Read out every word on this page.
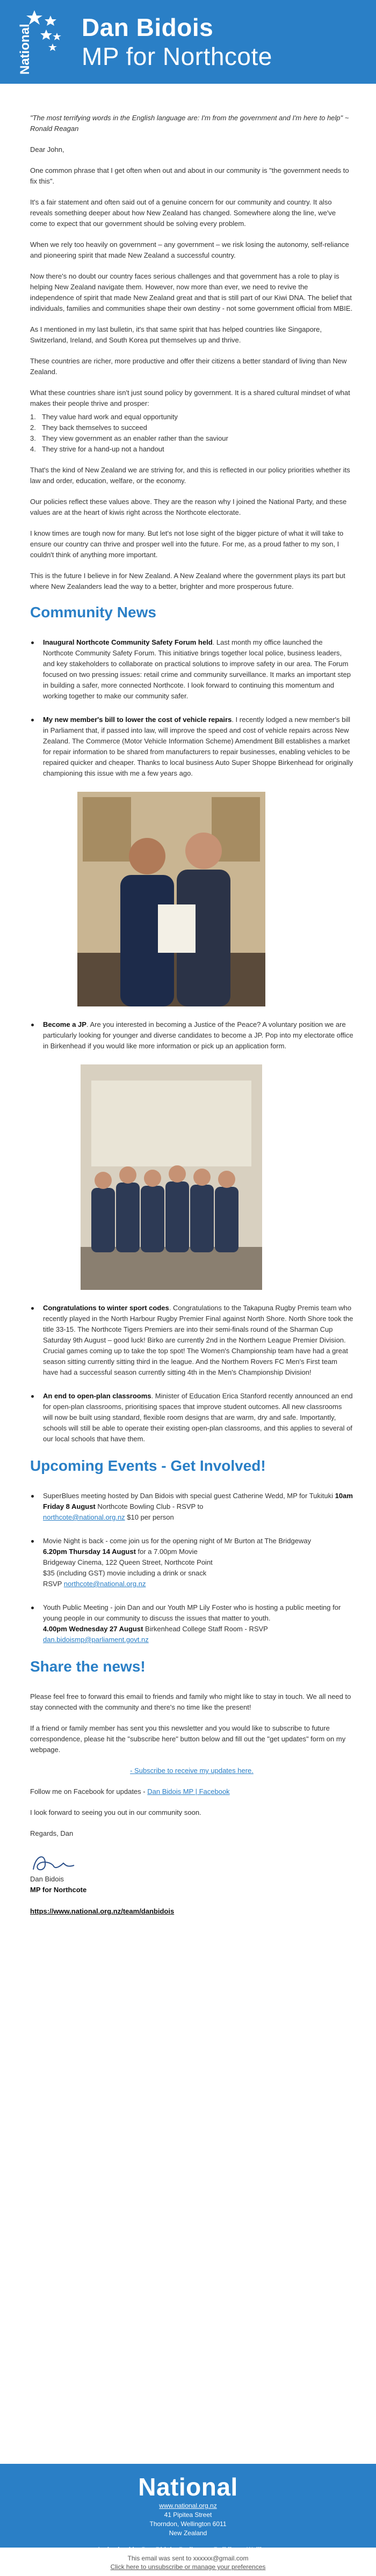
National Dan Bidois
MP for Northcote

"The most terrifying words in the English language are: I'm from the government and I'm here to help" ~ Ronald Reagan

Dear John,

One common phrase that I get often when out and about in our community is "the government needs to fix this".

It's a fair statement and often said out of a genuine concern for our community and country. It also reveals something deeper about how New Zealand has changed. Somewhere along the line, we've come to expect that our government should be solving every problem.

When we rely too heavily on government – any government – we risk losing the autonomy, self-reliance and pioneering spirit that made New Zealand a successful country.

Now there's no doubt our country faces serious challenges and that government has a role to play is helping New Zealand navigate them. However, now more than ever, we need to revive the independence of spirit that made New Zealand great and that is still part of our Kiwi DNA. The belief that individuals, families and communities shape their own destiny - not some government official from MBIE.

As I mentioned in my last bulletin, it's that same spirit that has helped countries like Singapore, Switzerland, Ireland, and South Korea put themselves up and thrive.

These countries are richer, more productive and offer their citizens a better standard of living than New Zealand.

What these countries share isn't just sound policy by government. It is a shared cultural mindset of what makes their people thrive and prosper:

1. They value hard work and equal opportunity
2. They back themselves to succeed
3. They view government as an enabler rather than the saviour
4. They strive for a hand-up not a handout

That's the kind of New Zealand we are striving for, and this is reflected in our policy priorities whether its law and order, education, welfare, or the economy.

Our policies reflect these values above. They are the reason why I joined the National Party, and these values are at the heart of kiwis right across the Northcote electorate.

I know times are tough now for many. But let's not lose sight of the bigger picture of what it will take to ensure our country can thrive and prosper well into the future. For me, as a proud father to my son, I couldn't think of anything more important.

This is the future I believe in for New Zealand. A New Zealand where the government plays its part but where New Zealanders lead the way to a better, brighter and more prosperous future.

Community News

Inaugural Northcote Community Safety Forum held. Last month my office launched the Northcote Community Safety Forum. This initiative brings together local police, business leaders, and key stakeholders to collaborate on practical solutions to improve safety in our area. The Forum focused on two pressing issues: retail crime and community surveillance. It marks an important step in building a safer, more connected Northcote. I look forward to continuing this momentum and working together to make our community safer.
My new member's bill to lower the cost of vehicle repairs. I recently lodged a new member's bill in Parliament that, if passed into law, will improve the speed and cost of vehicle repairs across New Zealand. The Commerce (Motor Vehicle Information Scheme) Amendment Bill establishes a market for repair information to be shared from manufacturers to repair businesses, enabling vehicles to be repaired quicker and cheaper. Thanks to local business Auto Super Shoppe Birkenhead for originally championing this issue with me a few years ago.
Become a JP. Are you interested in becoming a Justice of the Peace? A voluntary position we are particularly looking for younger and diverse candidates to become a JP. Pop into my electorate office in Birkenhead if you would like more information or pick up an application form.
Congratulations to winter sport codes. Congratulations to the Takapuna Rugby Premis team who recently played in the North Harbour Rugby Premier Final against North Shore. North Shore took the title 33-15. The Northcote Tigers Premiers are into their semi-finals round of the Sharman Cup Saturday 9th August – good luck! Birko are currently 2nd in the Northern League Premier Division. Crucial games coming up to take the top spot! The Women's Championship team have had a great season sitting currently sitting third in the league. And the Northern Rovers FC Men's First team have had a successful season currently sitting 4th in the Men's Championship Division!
An end to open-plan classrooms. Minister of Education Erica Stanford recently announced an end for open-plan classrooms, prioritising spaces that improve student outcomes. All new classrooms will now be built using standard, flexible room designs that are warm, dry and safe. Importantly, schools will still be able to operate their existing open-plan classrooms, and this applies to several of our local schools that have them.

Upcoming Events - Get Involved!

SuperBlues meeting hosted by Dan Bidois with special guest Catherine Wedd, MP for Tukituki 10am Friday 8 August Northcote Bowling Club - RSVP to
northcote@national.org.nz $10 per person
Movie Night is back - come join us for the opening night of Mr Burton at The Bridgeway
6.20pm Thursday 14 August for a 7.00pm Movie
Bridgeway Cinema, 122 Queen Street, Northcote Point
$35 (including GST) movie including a drink or snack
RSVP northcote@national.org.nz
Youth Public Meeting - join Dan and our Youth MP Lily Foster who is hosting a public meeting for young people in our community to discuss the issues that matter to youth.
4.00pm Wednesday 27 August Birkenhead College Staff Room - RSVP
dan.bidoismp@parliament.govt.nz

Share the news!

Please feel free to forward this email to friends and family who might like to stay in touch. We all need to stay connected with the community and there's no time like the present!

If a friend or family member has sent you this newsletter and you would like to subscribe to future correspondence, please hit the "subscribe here" button below and fill out the "get updates" form on my webpage.

- Subscribe to receive my updates here.

Follow me on Facebook for updates - Dan Bidois MP | Facebook

I look forward to seeing you out in our community soon.

Regards, Dan

Dan

Dan Bidois

MP for Northcote

https://www.national.org.nz/team/danbidois

National
www.national.org.nz
41 Pipitea Street
Thorndon, Wellington 6011
New Zealand
Authorised by Dan Bidois, Parliament Buildings, Wellington
This email was sent to xxxxxx@gmail.com
Click here to unsubscribe or manage your preferences
